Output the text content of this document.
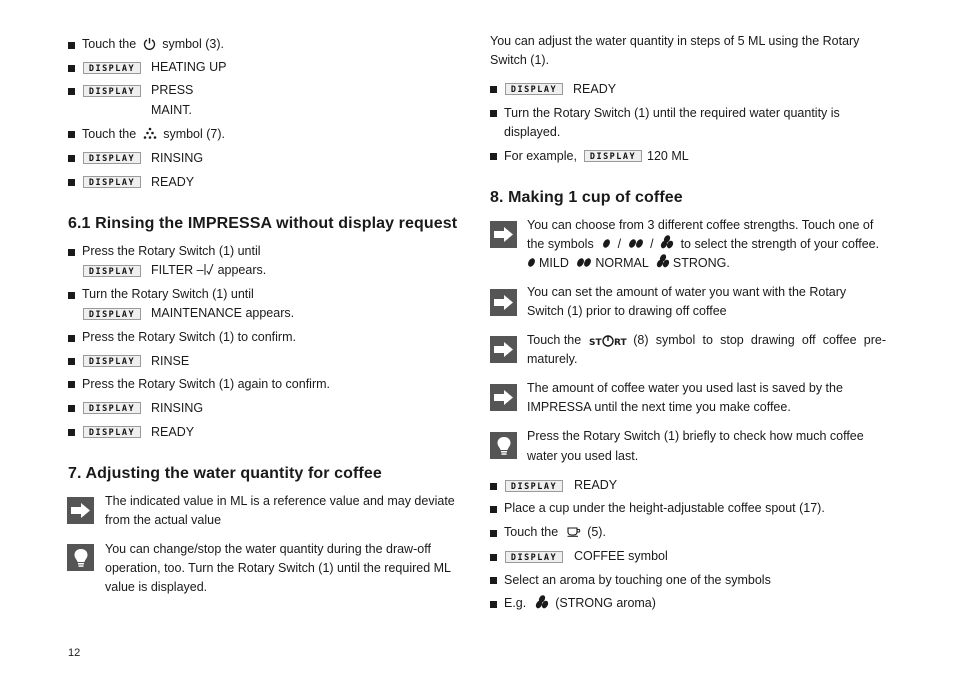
Touch the symbol (3).
DISPLAY	HEATING UP
DISPLAY	PRESS
MAINT.
Touch the symbol (7).
DISPLAY	RINSING
DISPLAY	READY
6.1 Rinsing the IMPRESSA without display request
Press the Rotary Switch (1) until
DISPLAY	FILTER – appears.
Turn the Rotary Switch (1) until
DISPLAY	MAINTENANCE appears.
Press the Rotary Switch (1) to confirm.
DISPLAY	RINSE
Press the Rotary Switch (1) again to confirm.
DISPLAY	RINSING
DISPLAY	READY
7. Adjusting the water quantity for coffee
The indicated value in ML is a reference value and may deviate
from the actual value
You can change/stop the water quantity during the draw-off
operation, too. Turn the Rotary Switch (1) until the required ML
value is displayed.
You can adjust the water quantity in steps of 5 ML using the Rotary
Switch (1).
DISPLAY	READY
Turn the Rotary Switch (1) until the required water quantity is
displayed.
For example,	DISPLAY 120 ML
8. Making 1 cup of coffee
You can choose from 3 different coffee strengths. Touch one of
the symbols / / to select the strength of your coffee.
MILD NORMAL STRONG.
You can set the amount of water you want with the Rotary
Switch (1) prior to drawing off coffee
Touch the ST RT (8) symbol to stop drawing off coffee pre-
maturely.
The amount of coffee water you used last is saved by the
IMPRESSA until the next time you make coffee.
Press the Rotary Switch (1) briefly to check how much coffee
water you used last.
DISPLAY	READY
Place a cup under the height-adjustable coffee spout (17).
Touch the (5).
DISPLAY	COFFEE symbol
Select an aroma by touching one of the symbols
E.g. (STRONG aroma)
12
